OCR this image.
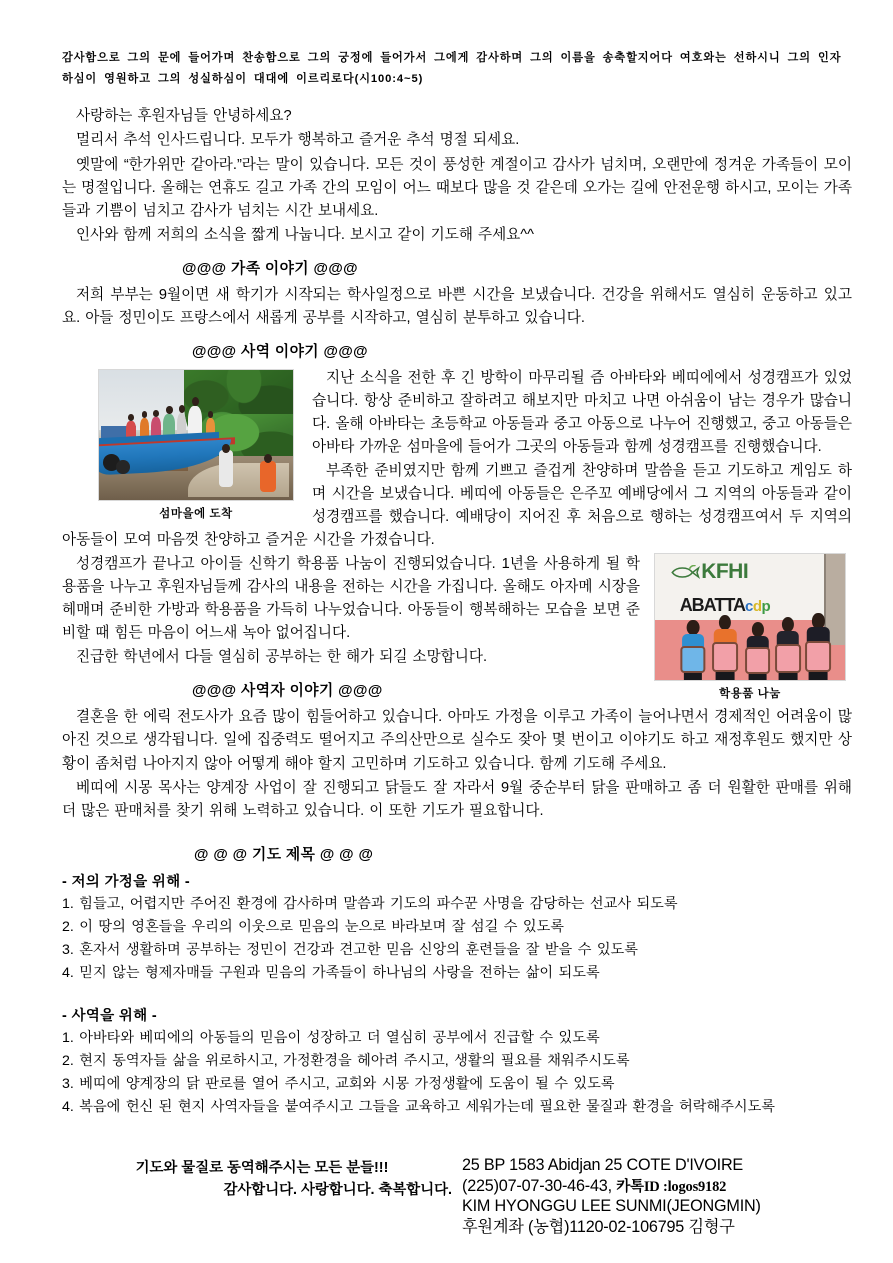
감사함으로 그의 문에 들어가며 찬송함으로 그의 궁정에 들어가서 그에게 감사하며 그의 이름을 송축할지어다 여호와는 선하시니 그의 인자하심이 영원하고 그의 성실하심이 대대에 이르리로다(시100:4~5)

사랑하는 후원자님들 안녕하세요?

멀리서 추석 인사드립니다. 모두가 행복하고 즐거운 추석 명절 되세요.

옛말에 “한가위만 같아라.”라는 말이 있습니다. 모든 것이 풍성한 계절이고 감사가 넘치며, 오랜만에 정겨운 가족들이 모이는 명절입니다. 올해는 연휴도 길고 가족 간의 모임이 어느 때보다 많을 것 같은데 오가는 길에 안전운행 하시고, 모이는 가족들과 기쁨이 넘치고 감사가 넘치는 시간 보내세요.

인사와 함께 저희의 소식을 짧게 나눕니다. 보시고 같이 기도해 주세요^^

@@@ 가족 이야기 @@@

저희 부부는 9월이면 새 학기가 시작되는 학사일정으로 바쁜 시간을 보냈습니다. 건강을 위해서도 열심히 운동하고 있고요. 아들 정민이도 프랑스에서 새롭게 공부를 시작하고, 열심히 분투하고 있습니다.

@@@ 사역 이야기 @@@
섬마을에 도착

지난 소식을 전한 후 긴 방학이 마무리될 즘 아바타와 베띠에에서 성경캠프가 있었습니다. 항상 준비하고 잘하려고 해보지만 마치고 나면 아쉬움이 남는 경우가 많습니다. 올해 아바타는 초등학교 아동들과 중고 아동으로 나누어 진행했고, 중고 아동들은 아바타 가까운 섬마을에 들어가 그곳의 아동들과 함께 성경캠프를 진행했습니다.

부족한 준비였지만 함께 기쁘고 즐겁게 찬양하며 말씀을 듣고 기도하고 게임도 하며 시간을 보냈습니다. 베띠에 아동들은 은주꼬 예배당에서 그 지역의 아동들과 같이 성경캠프를 했습니다. 예배당이 지어진 후 처음으로 행하는 성경캠프여서 두 지역의 아동들이 모여 마음껏 찬양하고 즐거운 시간을 가졌습니다.

KFHI
ABATTAcdp
학용품 나눔

성경캠프가 끝나고 아이들 신학기 학용품 나눔이 진행되었습니다. 1년을 사용하게 될 학용품을 나누고 후원자님들께 감사의 내용을 전하는 시간을 가집니다. 올해도 아자메 시장을 헤매며 준비한 가방과 학용품을 가득히 나누었습니다. 아동들이 행복해하는 모습을 보면 준비할 때 힘든 마음이 어느새 녹아 없어집니다.

진급한 학년에서 다들 열심히 공부하는 한 해가 되길 소망합니다.

@@@ 사역자 이야기 @@@

결혼을 한 에릭 전도사가 요즘 많이 힘들어하고 있습니다. 아마도 가정을 이루고 가족이 늘어나면서 경제적인 어려움이 많아진 것으로 생각됩니다. 일에 집중력도 떨어지고 주의산만으로 실수도 잦아 몇 번이고 이야기도 하고 재정후원도 했지만 상황이 좀처럼 나아지지 않아 어떻게 해야 할지 고민하며 기도하고 있습니다. 함께 기도해 주세요.

베띠에 시몽 목사는 양계장 사업이 잘 진행되고 닭들도 잘 자라서 9월 중순부터 닭을 판매하고 좀 더 원활한 판매를 위해 더 많은 판매처를 찾기 위해 노력하고 있습니다. 이 또한 기도가 필요합니다.

@ @ @ 기도 제목 @ @ @
- 저의 가정을 위해 -

1. 힘들고, 어렵지만 주어진 환경에 감사하며 말씀과 기도의 파수꾼 사명을 감당하는 선교사 되도록

2. 이 땅의 영혼들을 우리의 이웃으로 믿음의 눈으로 바라보며 잘 섬길 수 있도록

3. 혼자서 생활하며 공부하는 정민이 건강과 견고한 믿음 신앙의 훈련들을 잘 받을 수 있도록

4. 믿지 않는 형제자매들 구원과 믿음의 가족들이 하나님의 사랑을 전하는 삶이 되도록

- 사역을 위해 -

1. 아바타와 베띠에의 아동들의 믿음이 성장하고 더 열심히 공부에서 진급할 수 있도록

2. 현지 동역자들 삶을 위로하시고, 가정환경을 헤아려 주시고, 생활의 필요를 채워주시도록

3. 베띠에 양계장의 닭 판로를 열어 주시고, 교회와 시몽 가정생활에 도움이 될 수 있도록

4. 복음에 헌신 된 현지 사역자들을 붙여주시고 그들을 교육하고 세워가는데 필요한 물질과 환경을 허락해주시도록

기도와 물질로 동역해주시는 모든 분들!!!
감사합니다. 사랑합니다. 축복합니다.
25 BP 1583 Abidjan 25 COTE D'IVOIRE
(225)07-07-30-46-43, 카톡ID :logos9182
KIM HYONGGU LEE SUNMI(JEONGMIN)
후원계좌 (농협)1120-02-106795 김형구
